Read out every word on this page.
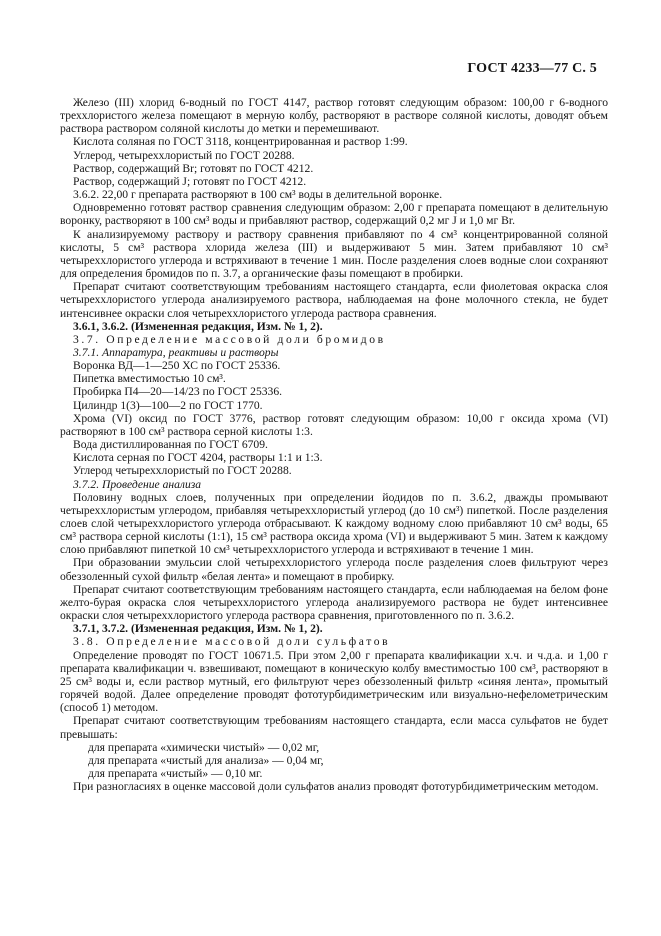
ГОСТ 4233—77 С. 5

Железо (III) хлорид 6-водный по ГОСТ 4147, раствор готовят следующим образом: 100,00 г 6-водного треххлористого железа помещают в мерную колбу, растворяют в растворе соляной кислоты, доводят объем раствора раствором соляной кислоты до метки и перемешивают.

Кислота соляная по ГОСТ 3118, концентрированная и раствор 1:99.

Углерод, четыреххлористый по ГОСТ 20288.

Раствор, содержащий Br; готовят по ГОСТ 4212.

Раствор, содержащий J; готовят по ГОСТ 4212.

3.6.2. 22,00 г препарата растворяют в 100 см³ воды в делительной воронке.

Одновременно готовят раствор сравнения следующим образом: 2,00 г препарата помещают в делительную воронку, растворяют в 100 см³ воды и прибавляют раствор, содержащий 0,2 мг J и 1,0 мг Br.

К анализируемому раствору и раствору сравнения прибавляют по 4 см³ концентрированной соляной кислоты, 5 см³ раствора хлорида железа (III) и выдерживают 5 мин. Затем прибавляют 10 см³ четыреххлористого углерода и встряхивают в течение 1 мин. После разделения слоев водные слои сохраняют для определения бромидов по п. 3.7, а органические фазы помещают в пробирки.

Препарат считают соответствующим требованиям настоящего стандарта, если фиолетовая окраска слоя четыреххлористого углерода анализируемого раствора, наблюдаемая на фоне молочного стекла, не будет интенсивнее окраски слоя четыреххлористого углерода раствора сравнения.

3.6.1, 3.6.2. (Измененная редакция, Изм. № 1, 2).

3.7. Определение массовой доли бромидов

3.7.1. Аппаратура, реактивы и растворы

Воронка ВД—1—250 ХС по ГОСТ 25336.

Пипетка вместимостью 10 см³.

Пробирка П4—20—14/23 по ГОСТ 25336.

Цилиндр 1(3)—100—2 по ГОСТ 1770.

Хрома (VI) оксид по ГОСТ 3776, раствор готовят следующим образом: 10,00 г оксида хрома (VI) растворяют в 100 см³ раствора серной кислоты 1:3.

Вода дистиллированная по ГОСТ 6709.

Кислота серная по ГОСТ 4204, растворы 1:1 и 1:3.

Углерод четыреххлористый по ГОСТ 20288.

3.7.2. Проведение анализа

Половину водных слоев, полученных при определении йодидов по п. 3.6.2, дважды промывают четыреххлористым углеродом, прибавляя четыреххлористый углерод (до 10 см³) пипеткой. После разделения слоев слой четыреххлористого углерода отбрасывают. К каждому водному слою прибавляют 10 см³ воды, 65 см³ раствора серной кислоты (1:1), 15 см³ раствора оксида хрома (VI) и выдерживают 5 мин. Затем к каждому слою прибавляют пипеткой 10 см³ четыреххлористого углерода и встряхивают в течение 1 мин.

При образовании эмульсии слой четыреххлористого углерода после разделения слоев фильтруют через обеззоленный сухой фильтр «белая лента» и помещают в пробирку.

Препарат считают соответствующим требованиям настоящего стандарта, если наблюдаемая на белом фоне желто-бурая окраска слоя четыреххлористого углерода анализируемого раствора не будет интенсивнее окраски слоя четыреххлористого углерода раствора сравнения, приготовленного по п. 3.6.2.

3.7.1, 3.7.2. (Измененная редакция, Изм. № 1, 2).

3.8. Определение массовой доли сульфатов

Определение проводят по ГОСТ 10671.5. При этом 2,00 г препарата квалификации х.ч. и ч.д.а. и 1,00 г препарата квалификации ч. взвешивают, помещают в коническую колбу вместимостью 100 см³, растворяют в 25 см³ воды и, если раствор мутный, его фильтруют через обеззоленный фильтр «синяя лента», промытый горячей водой. Далее определение проводят фототурбидиметрическим или визуально-нефелометрическим (способ 1) методом.

Препарат считают соответствующим требованиям настоящего стандарта, если масса сульфатов не будет превышать:

для препарата «химически чистый» — 0,02 мг,

для препарата «чистый для анализа» — 0,04 мг,

для препарата «чистый» — 0,10 мг.

При разногласиях в оценке массовой доли сульфатов анализ проводят фототурбидиметрическим методом.
